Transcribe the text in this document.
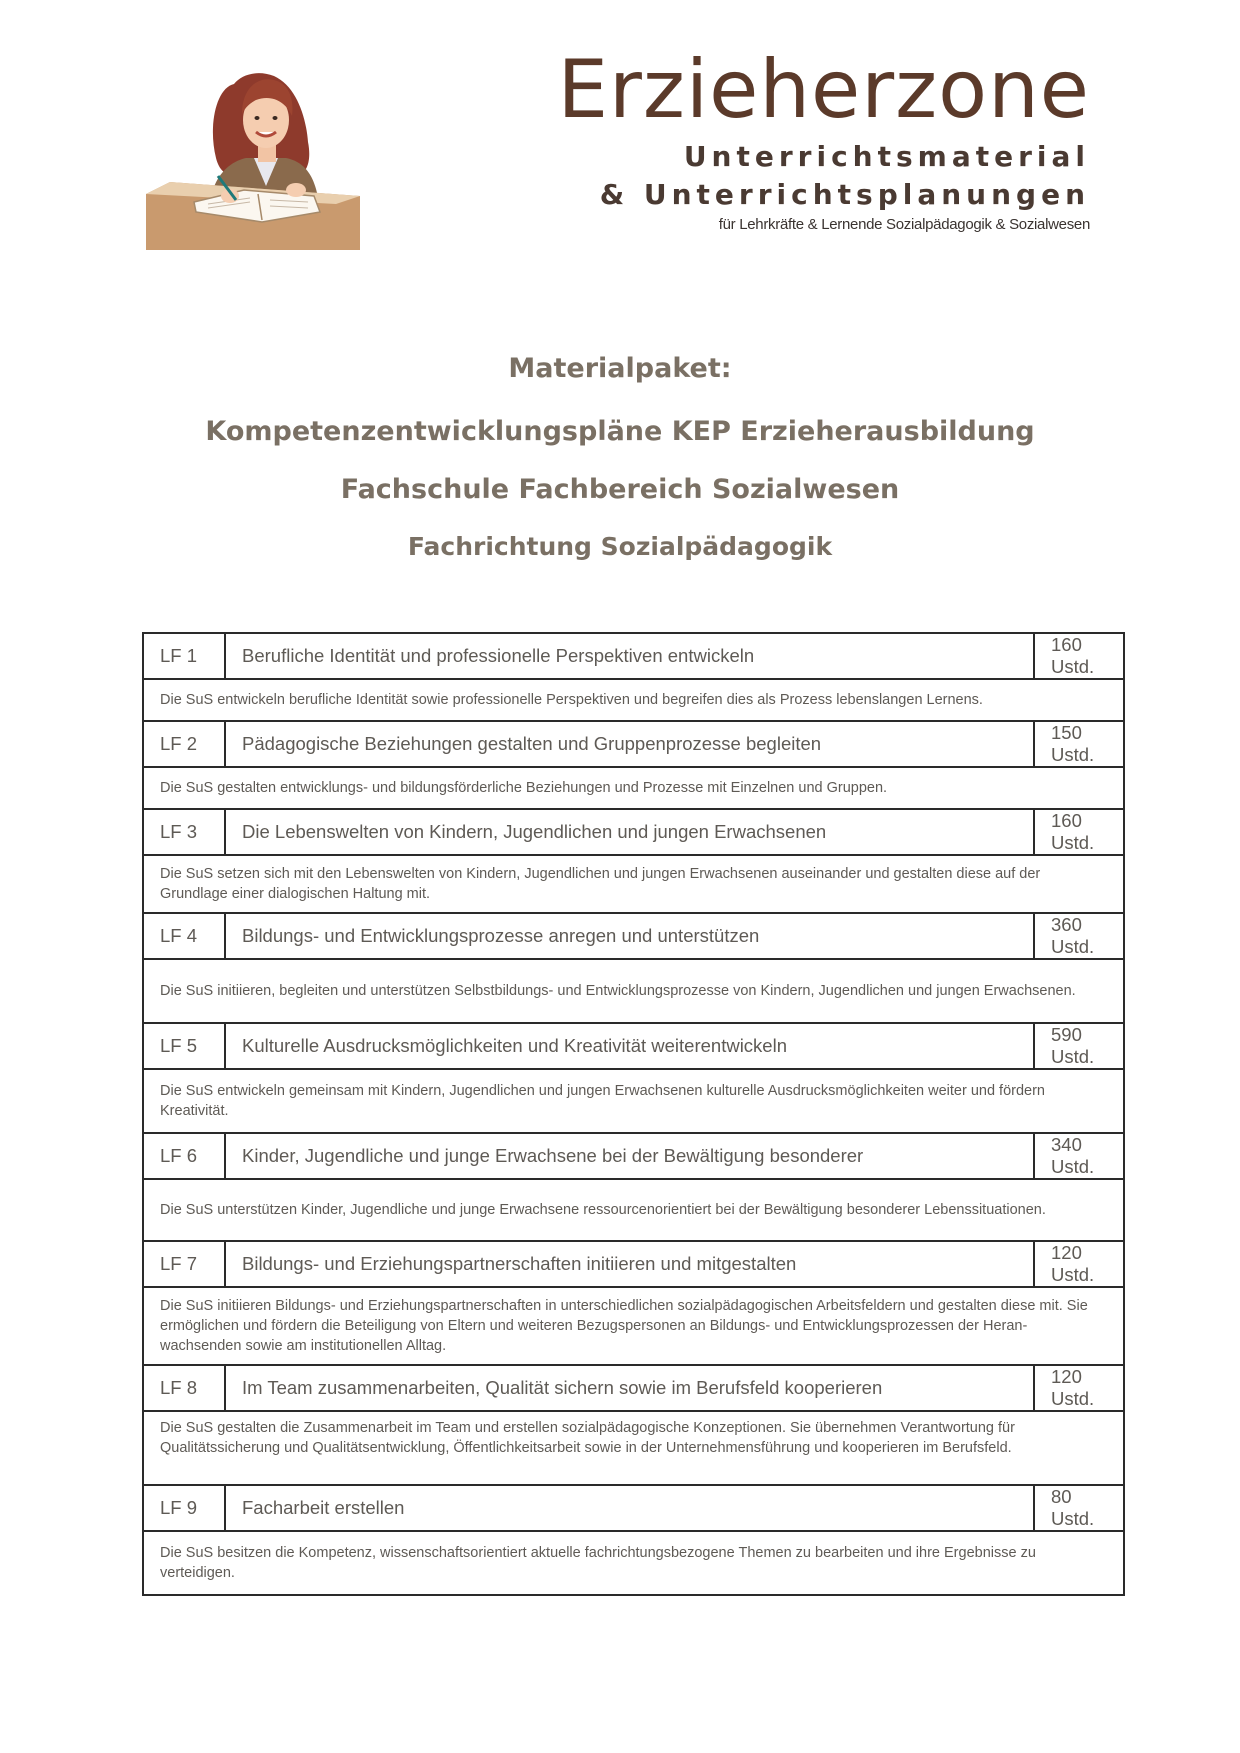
Erzieherzone
Unterrichtsmaterial
& Unterrichtsplanungen
für Lehrkräfte & Lernende Sozialpädagogik & Sozialwesen
Materialpaket:
Kompetenzentwicklungspläne KEP Erzieherausbildung
Fachschule Fachbereich Sozialwesen
Fachrichtung Sozialpädagogik
LF 1	Berufliche Identität und professionelle Perspektiven entwickeln	160 Ustd.
Die SuS entwickeln berufliche Identität sowie professionelle Perspektiven und begreifen dies als Prozess lebenslangen Lernens.		
LF 2	Pädagogische Beziehungen gestalten und Gruppenprozesse begleiten	150 Ustd.
Die SuS gestalten entwicklungs- und bildungsförderliche Beziehungen und Prozesse mit Einzelnen und Gruppen.		
LF 3	Die Lebenswelten von Kindern, Jugendlichen und jungen Erwachsenen	160 Ustd.
Die SuS setzen sich mit den Lebenswelten von Kindern, Jugendlichen und jungen Erwachsenen auseinander und gestalten diese auf der Grundlage einer dialogischen Haltung mit.		
LF 4	Bildungs- und Entwicklungsprozesse anregen und unterstützen	360 Ustd.
Die SuS initiieren, begleiten und unterstützen Selbstbildungs- und Entwicklungsprozesse von Kindern, Jugendlichen und jungen Erwachsenen.		
LF 5	Kulturelle Ausdrucksmöglichkeiten und Kreativität weiterentwickeln	590 Ustd.
Die SuS entwickeln gemeinsam mit Kindern, Jugendlichen und jungen Erwachsenen kulturelle Ausdrucksmöglichkeiten weiter und fördern Kreativität.		
LF 6	Kinder, Jugendliche und junge Erwachsene bei der Bewältigung besonderer	340 Ustd.
Die SuS unterstützen Kinder, Jugendliche und junge Erwachsene ressourcenorientiert bei der Bewältigung besonderer Lebenssituationen.		
LF 7	Bildungs- und Erziehungspartnerschaften initiieren und mitgestalten	120 Ustd.
Die SuS initiieren Bildungs- und Erziehungspartnerschaften in unterschiedlichen sozialpädagogischen Arbeitsfeldern und gestalten diese mit. Sie ermöglichen und fördern die Beteiligung von Eltern und weiteren Bezugspersonen an Bildungs- und Entwicklungsprozessen der Heran-wachsenden sowie am institutionellen Alltag.		
LF 8	Im Team zusammenarbeiten, Qualität sichern sowie im Berufsfeld kooperieren	120 Ustd.
Die SuS gestalten die Zusammenarbeit im Team und erstellen sozialpädagogische Konzeptionen. Sie übernehmen Verantwortung für Qualitätssicherung und Qualitätsentwicklung, Öffentlichkeitsarbeit sowie in der Unternehmensführung und kooperieren im Berufsfeld.		
LF 9	Facharbeit erstellen	80 Ustd.
Die SuS besitzen die Kompetenz, wissenschaftsorientiert aktuelle fachrichtungsbezogene Themen zu bearbeiten und ihre Ergebnisse zu verteidigen.		
